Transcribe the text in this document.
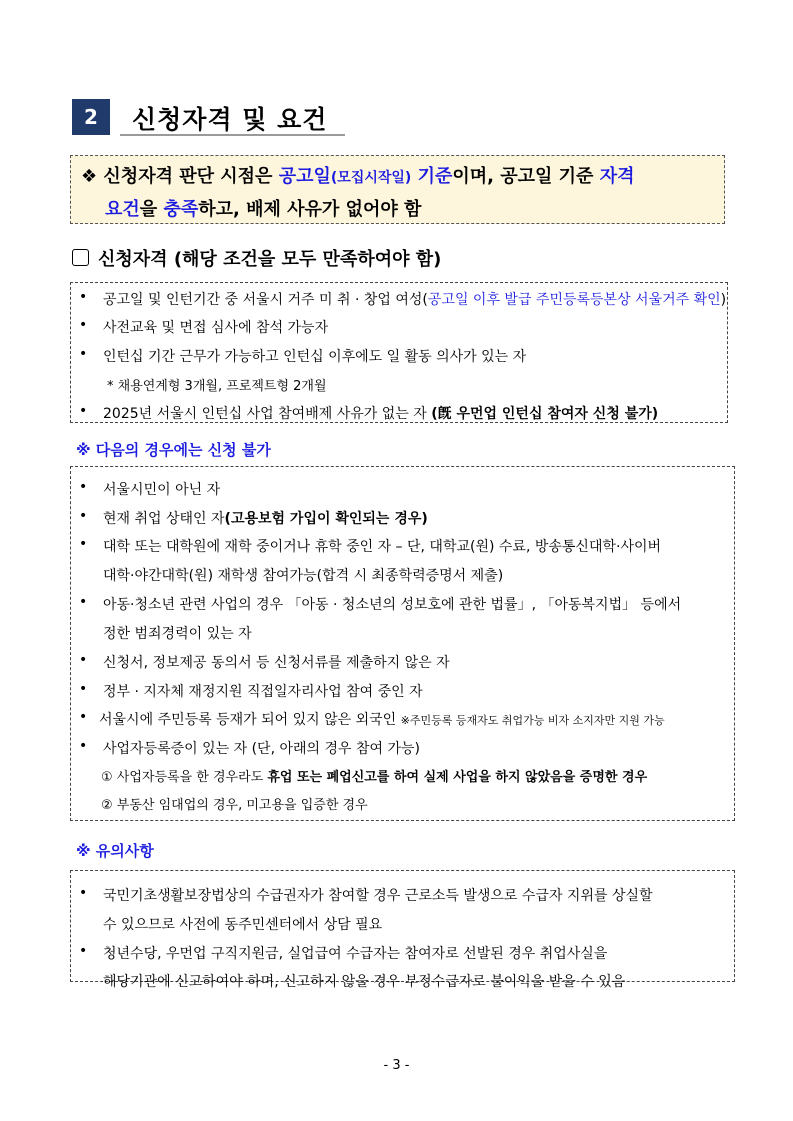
2	신청자격 및 요건
❖ 신청자격 판단 시점은 공고일(모집시작일) 기준이며, 공고일 기준 자격
요건을 충족하고, 배제 사유가 없어야 함
신청자격 (해당 조건을 모두 만족하여야 함)
• 공고일 및 인턴기간 중 서울시 거주 미 취 · 창업 여성(공고일 이후 발급 주민등록등본상 서울거주 확인)
• 사전교육 및 면접 심사에 참석 가능자
• 인턴십 기간 근무가 가능하고 인턴십 이후에도 일 활동 의사가 있는 자
* 채용연계형 3개월, 프로젝트형 2개월
• 2025년 서울시 인턴십 사업 참여배제 사유가 없는 자 (旣 우먼업 인턴십 참여자 신청 불가)
※ 다음의 경우에는 신청 불가
• 서울시민이 아닌 자
• 현재 취업 상태인 자(고용보험 가입이 확인되는 경우)
• 대학 또는 대학원에 재학 중이거나 휴학 중인 자 – 단, 대학교(원) 수료, 방송통신대학·사이버
대학·야간대학(원) 재학생 참여가능(합격 시 최종학력증명서 제출)
• 아동·청소년 관련 사업의 경우 「아동 · 청소년의 성보호에 관한 법률」, 「아동복지법」 등에서
정한 범죄경력이 있는 자
• 신청서, 정보제공 동의서 등 신청서류를 제출하지 않은 자
• 정부 · 지자체 재정지원 직접일자리사업 참여 중인 자
• 서울시에 주민등록 등재가 되어 있지 않은 외국인 ※주민등록 등재자도 취업가능 비자 소지자만 지원 가능
• 사업자등록증이 있는 자 (단, 아래의 경우 참여 가능)
① 사업자등록을 한 경우라도 휴업 또는 폐업신고를 하여 실제 사업을 하지 않았음을 증명한 경우
② 부동산 임대업의 경우, 미고용을 입증한 경우
※ 유의사항
• 국민기초생활보장법상의 수급권자가 참여할 경우 근로소득 발생으로 수급자 지위를 상실할
수 있으므로 사전에 동주민센터에서 상담 필요
• 청년수당, 우먼업 구직지원금, 실업급여 수급자는 참여자로 선발된 경우 취업사실을
해당기관에 신고하여야 하며, 신고하지 않을 경우 부정수급자로 불이익을 받을 수 있음
- 3 -
